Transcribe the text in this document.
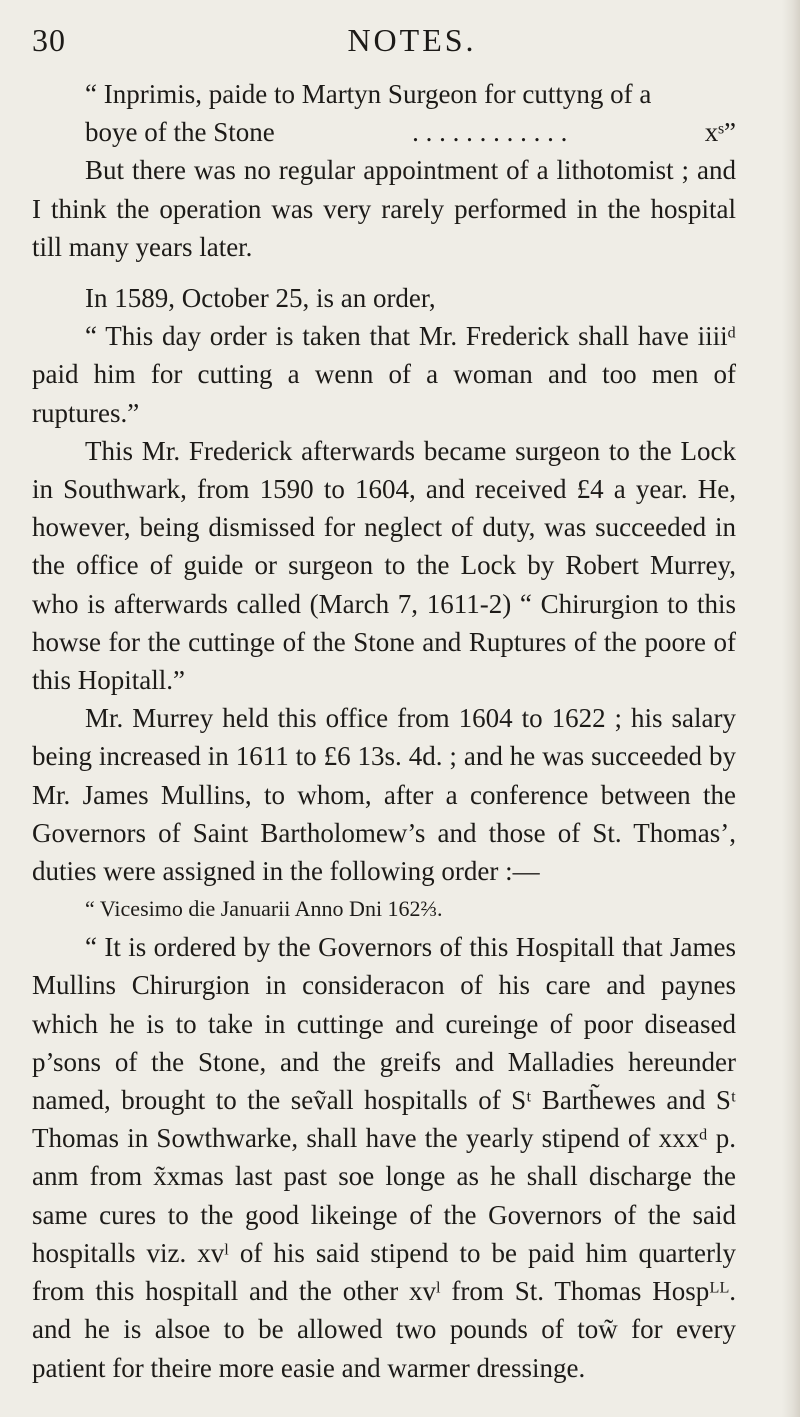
30	NOTES.

“ Inprimis, paide to Martyn Surgeon for cuttyng of a

boye of the Stone	. . . . . . . . . . . .	xˢ”

But there was no regular appointment of a lithotomist ; and I think the operation was very rarely performed in the hospital till many years later.

In 1589, October 25, is an order,

“ This day order is taken that Mr. Frederick shall have iiiiᵈ paid him for cutting a wenn of a woman and too men of ruptures.”

This Mr. Frederick afterwards became surgeon to the Lock in Southwark, from 1590 to 1604, and received £4 a year. He, however, being dismissed for neglect of duty, was succeeded in the office of guide or surgeon to the Lock by Robert Murrey, who is afterwards called (March 7, 1611-2) “ Chirurgion to this howse for the cuttinge of the Stone and Ruptures of the poore of this Hopitall.”

Mr. Murrey held this office from 1604 to 1622 ; his salary being increased in 1611 to £6 13s. 4d. ; and he was succeeded by Mr. James Mullins, to whom, after a conference between the Governors of Saint Bartholomew’s and those of St. Thomas’, duties were assigned in the following order :—

“ Vicesimo die Januarii Anno Dni 162⅔.

“ It is ordered by the Governors of this Hospitall that James Mullins Chirurgion in consideracon of his care and paynes which he is to take in cuttinge and cureinge of poor diseased p’sons of the Stone, and the greifs and Malladies hereunder named, brought to the seṽall hospitalls of Sᵗ Barth̃ewes and Sᵗ Thomas in Sowthwarke, shall have the yearly stipend of xxxᵈ p. anm from x̃xmas last past soe longe as he shall discharge the same cures to the good likeinge of the Governors of the said hospitalls viz. xvˡ of his said stipend to be paid him quarterly from this hospitall and the other xvˡ from St. Thomas Hospᴸᴸ. and he is alsoe to be allowed two pounds of tow̃ for every patient for theire more easie and warmer dressinge.
